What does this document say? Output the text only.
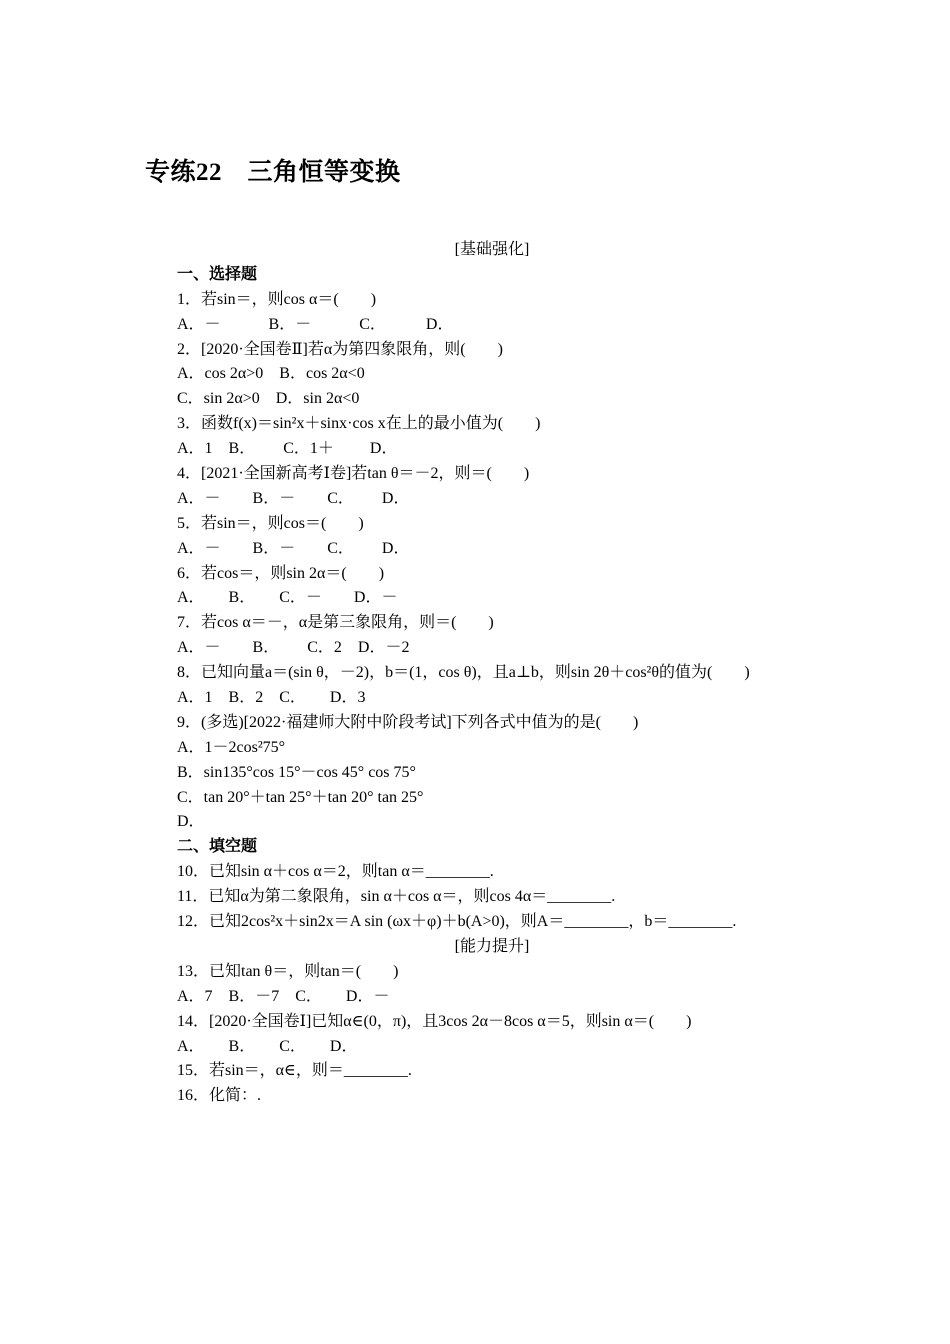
专练22　三角恒等变换
[基础强化]
一、选择题
1．若sin＝，则cos α＝(　　)
A．－　　　B．－　　　C．　　　D．
2．[2020·全国卷Ⅱ]若α为第四象限角，则(　　)
A．cos 2α>0　B．cos 2α<0
C．sin 2α>0　D．sin 2α<0
3．函数f(x)＝sin²x＋sinx·cos x在上的最小值为(　　)
A．1　B．　　 C．1＋　　 D．
4．[2021·全国新高考Ⅰ卷]若tan θ＝－2，则＝(　　)
A．－　　B．－　　C．　　 D．
5．若sin＝，则cos＝(　　)
A．－　　B．－　　C．　　 D．
6．若cos＝，则sin 2α＝(　　)
A．　　B．　　C．－　　D．－
7．若cos α＝－，α是第三象限角，则＝(　　)
A．－　　B．　　 C．2　D．－2
8．已知向量a＝(sin θ，－2)，b＝(1，cos θ)，且a⊥b，则sin 2θ＋cos²θ的值为(　　)
A．1　B．2　C．　　D．3
9．(多选)[2022·福建师大附中阶段考试]下列各式中值为的是(　　)
A．1－2cos²75°
B．sin135°cos 15°－cos 45° cos 75°
C．tan 20°＋tan 25°＋tan 20° tan 25°
D．
二、填空题
10．已知sin α＋cos α＝2，则tan α＝________.
11．已知α为第二象限角，sin α＋cos α＝，则cos 4α＝________.
12．已知2cos²x＋sin2x＝A sin (ωx＋φ)＋b(A>0)，则A＝________，b＝________.
[能力提升]
13．已知tan θ＝，则tan＝(　　)
A．7　B．－7　C．　　D．－
14．[2020·全国卷Ⅰ]已知α∈(0，π)，且3cos 2α－8cos α＝5，则sin α＝(　　)
A．　　B．　　C．　　D．
15．若sin＝，α∈，则＝________.
16．化简：.
